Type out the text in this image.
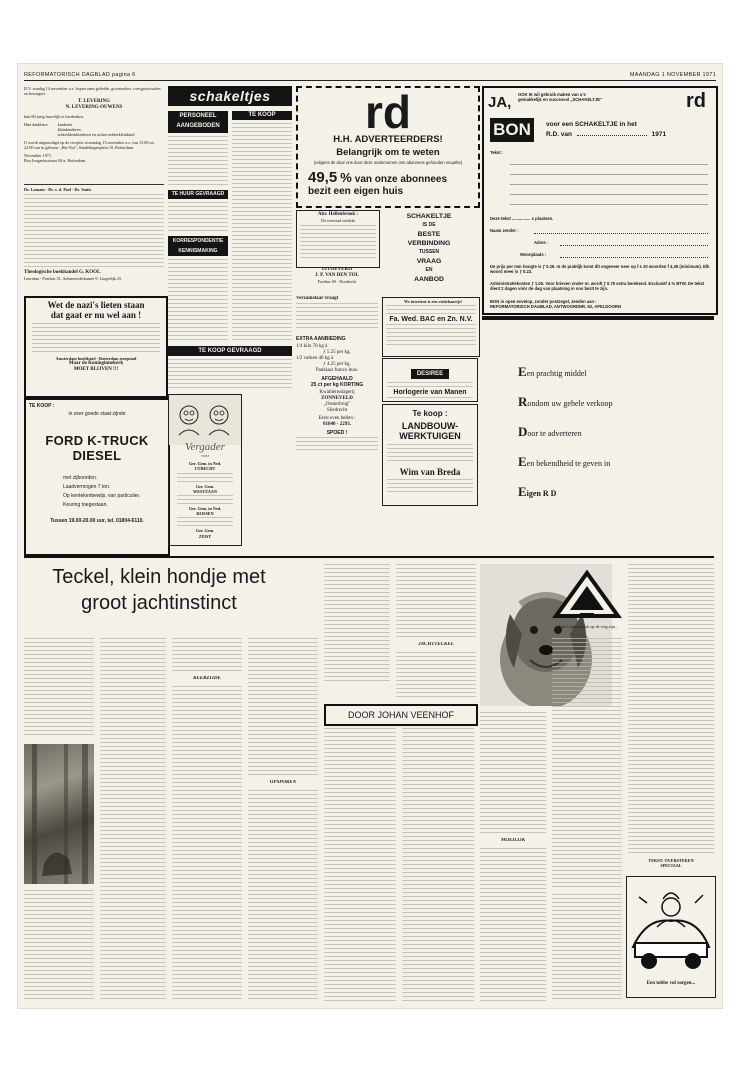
REFORMATORISCH DAGBLAD pagina 6	MAANDAG 1 NOVEMBER 1971

D.V. zondag 14 november a.s. hopen onze geliefde, grootouders, overgrootouders en bezorgers

T. LEVERING
N. LEVERING-OUWENS

hun 60-jarig huwelijk te herdenken.

Hun dankbare kinderen
kleinkinderen
achterkleinkinderen en achter-achterkleinkind

U wordt uitgenodigd op de receptie woensdag 13 november a.s. van 15.00 tot 22.00 uur in gebouw „Het Nut", Sandelingenplein 10, Rotterdam.

November 1971

Boa Jongeriusstraat 94-a, Rotterdam.

Ds. Lamain - Ds. v. d. Poel - Ds. Smits
Theologische boekhandel G. KOOL
Leerdam - Postbus 31, Aalsmeerderkamer 9, Lingedijk 25.
Wet de nazi's lieten staan
dat gaat er nu wel aan !
Amsterdam hoofdstad - Rotterdam stoepstad
Maar de Koninginnekerk
MOET BLIJVEN !!!
TE KOOP :
in zeer goede staat zijnde
FORD K-TRUCK DIESEL
met zijboorden.
Laadvermogen 7 ton.
Op kentekenbewijs, van particulier.
Keuring toegestaan.
Tussen 19.00-20.00 uur, tel. 01804-6110.
schakeltjes
PERSONEEL
AANGEBODEN
TE HUUR GEVRAAGD
KORRESPONDENTIE
KENNISMAKING
TE KOOP
TE KOOP GEVRAAGD
Vergader
varia
Ger. Gem. in Ned.
UTRECHT
Ger. Gem.
WESTZAAN
Ger. Gem. in Ned.
RIJSSEN
Ger. Gem.
ZEIST
rd
H.H. ADVERTEERDERS!
Belangrijk om te weten
(volgens de door ons door deze ondernomen ons abonnees gehouden enquête)
49,5 % van onze abonnees
bezit een eigen huis
Abr. Hellenbrook :
De eenvoud ontdekt
UITGEVERIJ
J. P. VAN DEN TOL
Postbus 60 - Dordrecht
Verzamelaar vraagt
EXTRA AANBIEDING
1/4 kilo 70 kg à
ƒ 5.25 per kg.
1/2 varken 40 kg à
ƒ 4.25 per kg.
Panklaar franco huis.
AFGEHAALD
25 ct per kg KORTING
Kwaliteitsslagerij
ZONNEVELD
„Oosterbrug"
Sliedrecht
Eerst even bellen :
01840 - 2293.
SPOED !
SCHAKELTJE
IS DE
BESTE
VERBINDING
TUSSEN
VRAAG
EN
AANBOD
We interieur is een visitekaartje!
Fa. Wed. BAC en Zn. N.V.
DESIREE
Horlogerie van Manen
Te koop :
LANDBOUW-
WERKTUIGEN
Wim van Breda
JA, OOK IK wil gebruik maken van u's
gemakkelijk en succesvol „SCHAKELTJE"	rd
BON	voor een SCHAKELTJE in het
R.D. van	1971
Tekst :
Deze tekst ................ x plaatsen.
Naam zender :
Adres :
Woonplaats :
De prijs per mm hoogte is ƒ 0.29. In de praktijk komt dit ongeveer neer op f ± 20 woorden f 4.35 (minimum). Elk woord meer is ƒ 0.22.
Administratiekosten ƒ 1.00. Voor brieven onder nr. wordt ƒ 0.75 extra berekend. Exclusief 4 % BTW. De tekst dient 2 dagen vóór de dag van plaatsing in ons bezit te zijn.
BON in open envelop, zonder postzegel, zenden aan :
REFORMATORISCH DAGBLAD, ANTWOORDNR. 92, APELDOORN
Een prachtig middel
Rondom uw gehele verkoop
Door te adverteren
Een bekendheid te geven in
Eigen R D
Teckel, klein hondje met
groot jachtinstinct
KEERZIJDE
OPSPOREN
JACHTTECKEL
DOOR JOHAN VEENHOF
MOEILIJK
„Auto's kunnen ook op de weg zijn...
TEKST: OVERSTEKEN
SPECIAAL
Een tobbe vol zorgen...
